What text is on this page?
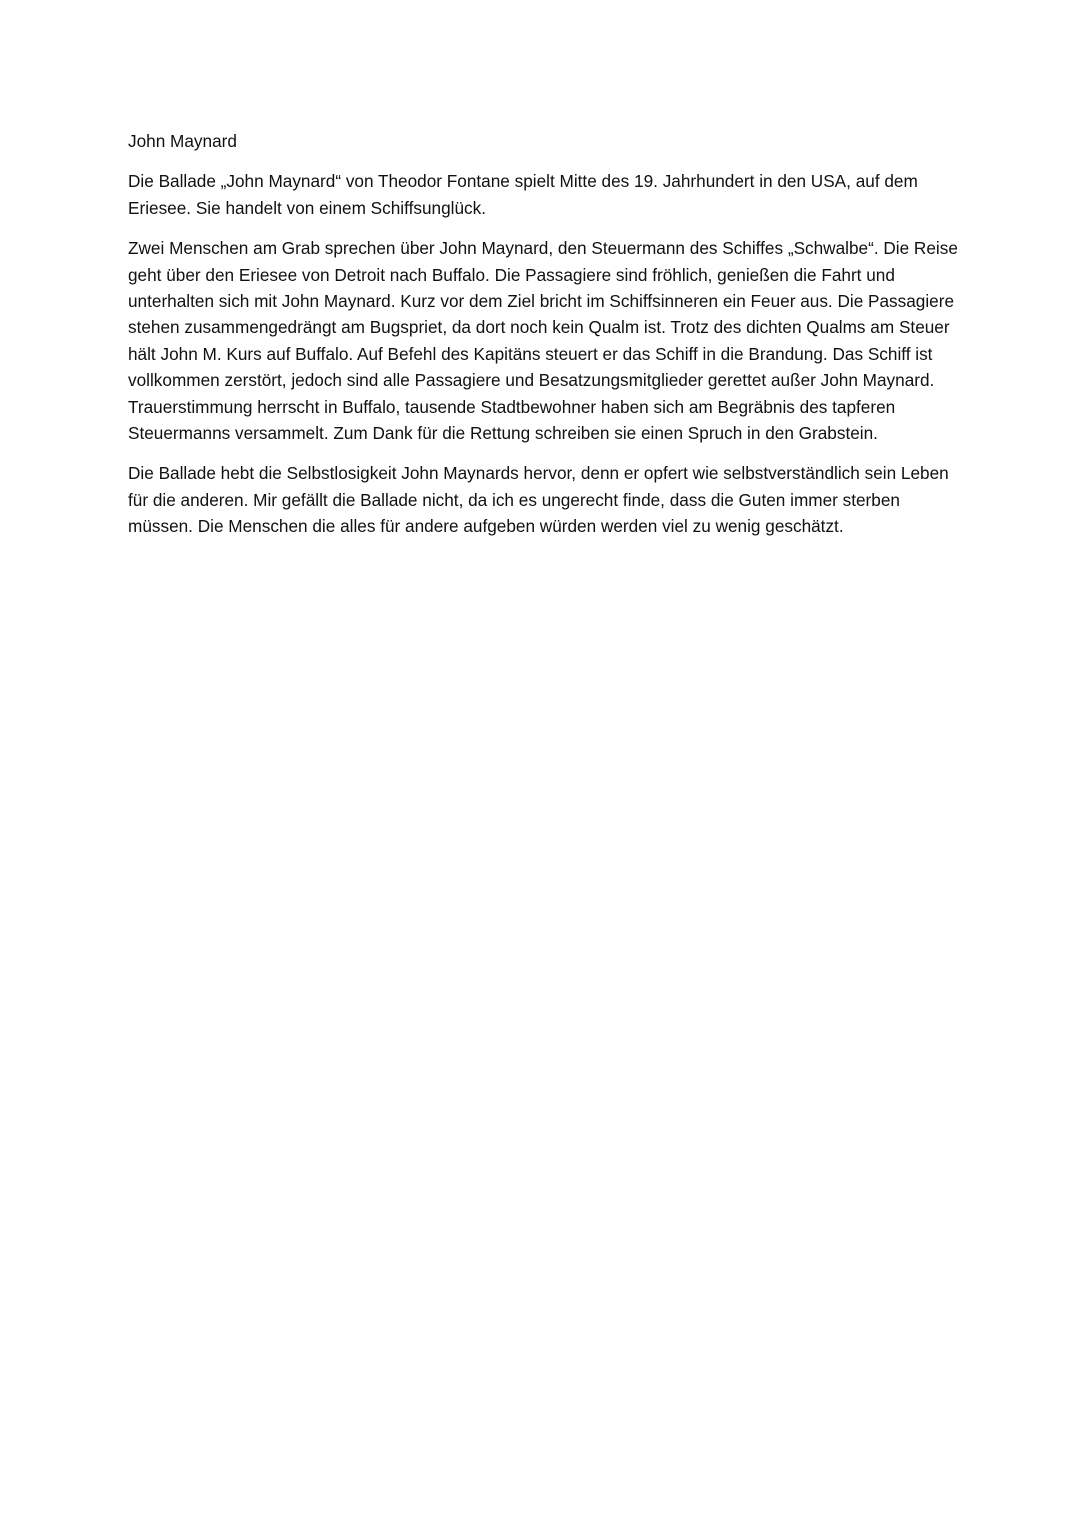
John Maynard

Die Ballade „John Maynard“ von Theodor Fontane spielt Mitte des 19. Jahrhundert in den USA, auf dem Eriesee. Sie handelt von einem Schiffsunglück.

Zwei Menschen am Grab sprechen über John Maynard, den Steuermann des Schiffes „Schwalbe“. Die Reise geht über den Eriesee von Detroit nach Buffalo. Die Passagiere sind fröhlich, genießen die Fahrt und unterhalten sich mit John Maynard. Kurz vor dem Ziel bricht im Schiffsinneren ein Feuer aus. Die Passagiere stehen zusammengedrängt am Bugspriet, da dort noch kein Qualm ist. Trotz des dichten Qualms am Steuer hält John M. Kurs auf Buffalo. Auf Befehl des Kapitäns steuert er das Schiff in die Brandung. Das Schiff ist vollkommen zerstört, jedoch sind alle Passagiere und Besatzungsmitglieder gerettet außer John Maynard. Trauerstimmung herrscht in Buffalo, tausende Stadtbewohner haben sich am Begräbnis des tapferen Steuermanns versammelt. Zum Dank für die Rettung schreiben sie einen Spruch in den Grabstein.

Die Ballade hebt die Selbstlosigkeit John Maynards hervor, denn er opfert wie selbstverständlich sein Leben für die anderen. Mir gefällt die Ballade nicht, da ich es ungerecht finde, dass die Guten immer sterben müssen. Die Menschen die alles für andere aufgeben würden werden viel zu wenig geschätzt.
